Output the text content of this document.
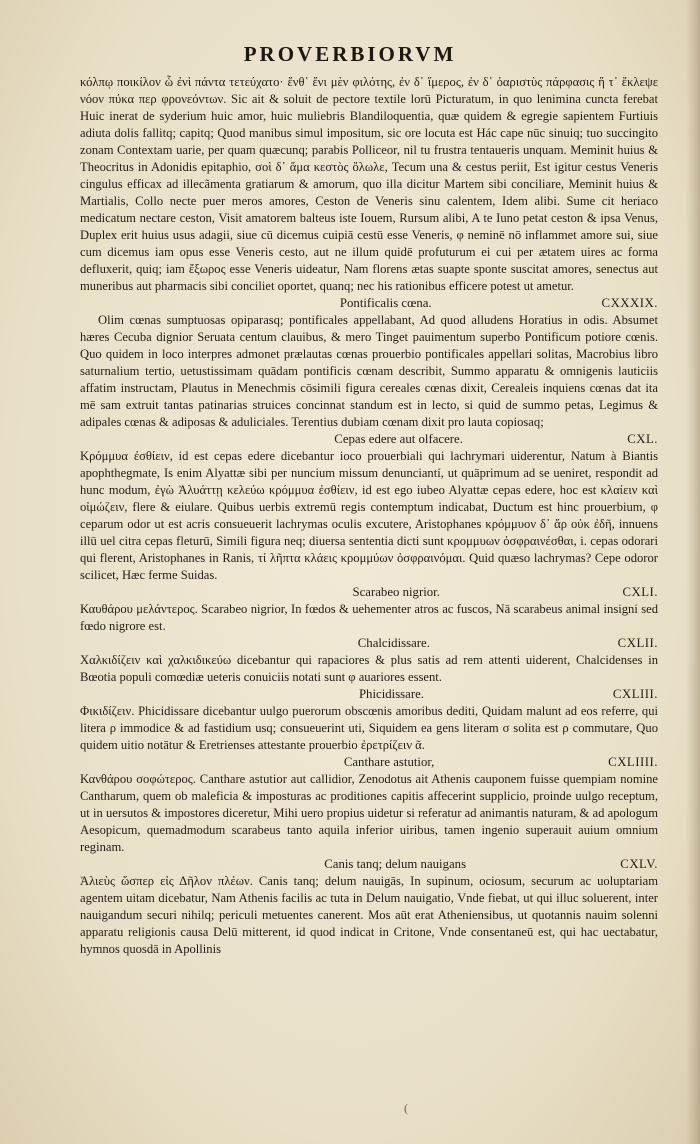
PROVERBIORVM

κόλπῳ ποικίλον ὧ ἐνὶ πάντα τετεύχατο· ἔνθ᾽ ἔνι μὲν φιλότης, ἐν δ᾽ ἵμερος, ἐν δ᾽ ὀαριστὺς πάρφασις ἥ τ᾽ ἔκλεψε νόον πύκα περ φρονεόντων. Sic ait & soluit de pectore textile lorū Picturatum, in quo lenimina cuncta ferebat Huic inerat de syderium huic amor, huic muliebris Blandiloquentia, quæ quidem & egregie sapientem Furtiuis adiuta dolis fallitq; capitq; Quod manibus simul impositum, sic ore locuta est Hác cape nūc sinuiq; tuo succingito zonam Contextam uarie, per quam quæcunq; parabis Polliceor, nil tu frustra tentaueris unquam. Meminit huius & Theocritus in Adonidis epitaphio, σοὶ δ᾽ ἅμα κεστὸς ὄλωλε, Tecum una & cestus periit, Est igitur cestus Veneris cingulus efficax ad illecãmenta gratiarum & amorum, quo illa dicitur Martem sibi conciliare, Meminit huius & Martialis, Collo necte puer meros amores, Ceston de Veneris sinu calentem, Idem alibi. Sume cit heriaco medicatum nectare ceston, Visit amatorem balteus iste Iouem, Rursum alibi, A te Iuno petat ceston & ipsa Venus, Duplex erit huius usus adagii, siue cū dicemus cuipiā cestū esse Veneris, φ neminē nō inflammet amore sui, siue cum dicemus iam opus esse Veneris cesto, aut ne illum quidē profuturum ei cui per ætatem uires ac forma defluxerit, quiq; iam ἔξωρος esse Veneris uideatur, Nam florens ætas suapte sponte suscitat amores, senectus aut muneribus aut pharmacis sibi conciliet oportet, quanq; nec his rationibus efficere potest ut ametur.

Pontificalis cœna.	CXXXIX.

Olim cœnas sumptuosas opiparasq; pontificales appellabant, Ad quod alludens Horatius in odis. Absumet hæres Cecuba dignior Seruata centum clauibus, & mero Tinget pauimentum superbo Pontificum potiore cœnis. Quo quidem in loco interpres admonet prælautas cœnas prouerbio pontificales appellari solitas, Macrobius libro saturnalium tertio, uetustissimam quādam pontificis cœnam describit, Summo apparatu & omnigenis lauticiis affatim instructam, Plautus in Menechmis cōsimili figura cereales cœnas dixit, Cerealeis inquiens cœnas dat ita mē sam extruit tantas patinarias struices concinnat standum est in lecto, si quid de summo petas, Legimus & adipales cœnas & adiposas & aduliciales. Terentius dubiam cœnam dixit pro lauta copiosaq;

Cepas edere aut olfacere.	CXL.

Κρόμμυα ἐσθίειν, id est cepas edere dicebantur ioco prouerbiali qui lachrymari uiderentur, Natum à Biantis apophthegmate, Is enim Alyattæ sibi per nuncium missum denunciantí, ut quāprimum ad se ueniret, respondit ad hunc modum, ἐγὼ Ἀλυάττῃ κελεύω κρόμμυα ἐσθίειν, id est ego iubeo Alyattæ cepas edere, hoc est κλαίειν καὶ οἰμώζειν, flere & eiulare. Quibus uerbis extremū regis contemptum indicabat, Ductum est hinc prouerbium, φ ceparum odor ut est acris consueuerit lachrymas oculis excutere, Aristophanes κρόμμυον δ᾽ ἄρ οὐκ ἐδῆ, innuens illū uel citra cepas fleturū, Simili figura neq; diuersa sententia dicti sunt κρομμυων ὀσφραινέσθαι, i. cepas odorari qui flerent, Aristophanes in Ranis, τί λῆπτα κλάεις κρομμύων ὀσφραινόμαι. Quid quæso lachrymas? Cepe odoror scilicet, Hæc ferme Suidas.

Scarabeo nigrior.	CXLI.

Καυθάρου μελάντερος. Scarabeo nigrior, In fœdos & uehementer atros ac fuscos, Nā scarabeus animal insigni sed fœdo nigrore est.

Chalcidissare.	CXLII.

Χαλκιδίζειν καὶ χαλκιδικεύω dicebantur qui rapaciores & plus satis ad rem attenti uiderent, Chalcidenses in Bœotia populi comœdiæ ueteris conuiciis notati sunt φ auariores essent.

Phicidissare.	CXLIII.

Φικιδίζειν. Phicidissare dicebantur uulgo puerorum obscœnis amoribus dediti, Quidam malunt ad eos referre, qui litera ρ immodice & ad fastidium usq; consueuerint uti, Siquidem ea gens literam σ solita est ρ commutare, Quo quidem uitio notātur & Eretrienses attestante prouerbio ἐρετρίζειν ᾶ.

Canthare astutior,	CXLIIII.

Κανθάρου σοφώτερος. Canthare astutior aut callidior, Zenodotus ait Athenis cauponem fuisse quempiam nomine Cantharum, quem ob maleficia & imposturas ac proditiones capitis affecerint supplicio, proinde uulgo receptum, ut in uersutos & impostores diceretur, Mihi uero propius uidetur si referatur ad animantis naturam, & ad apologum Aesopicum, quemadmodum scarabeus tanto aquila inferior uiribus, tamen ingenio superauit auium omnium reginam.

Canis tanq; delum nauigans	CXLV.

Ἀλιεὺς ὥσπερ εἰς Δῆλον πλέων. Canis tanq; delum nauigās, In supinum, ociosum, securum ac uoluptariam agentem uitam dicebatur, Nam Athenis facilis ac tuta in Delum nauigatio, Vnde fiebat, ut qui illuc soluerent, inter nauigandum securi nihilq; periculi metuentes canerent. Mos aūt erat Atheniensibus, ut quotannis nauim solenni apparatu religionis causa Delū mitterent, id quod indicat in Critone, Vnde consentaneū est, qui hac uectabatur, hymnos quosdā in Apollinis

(
